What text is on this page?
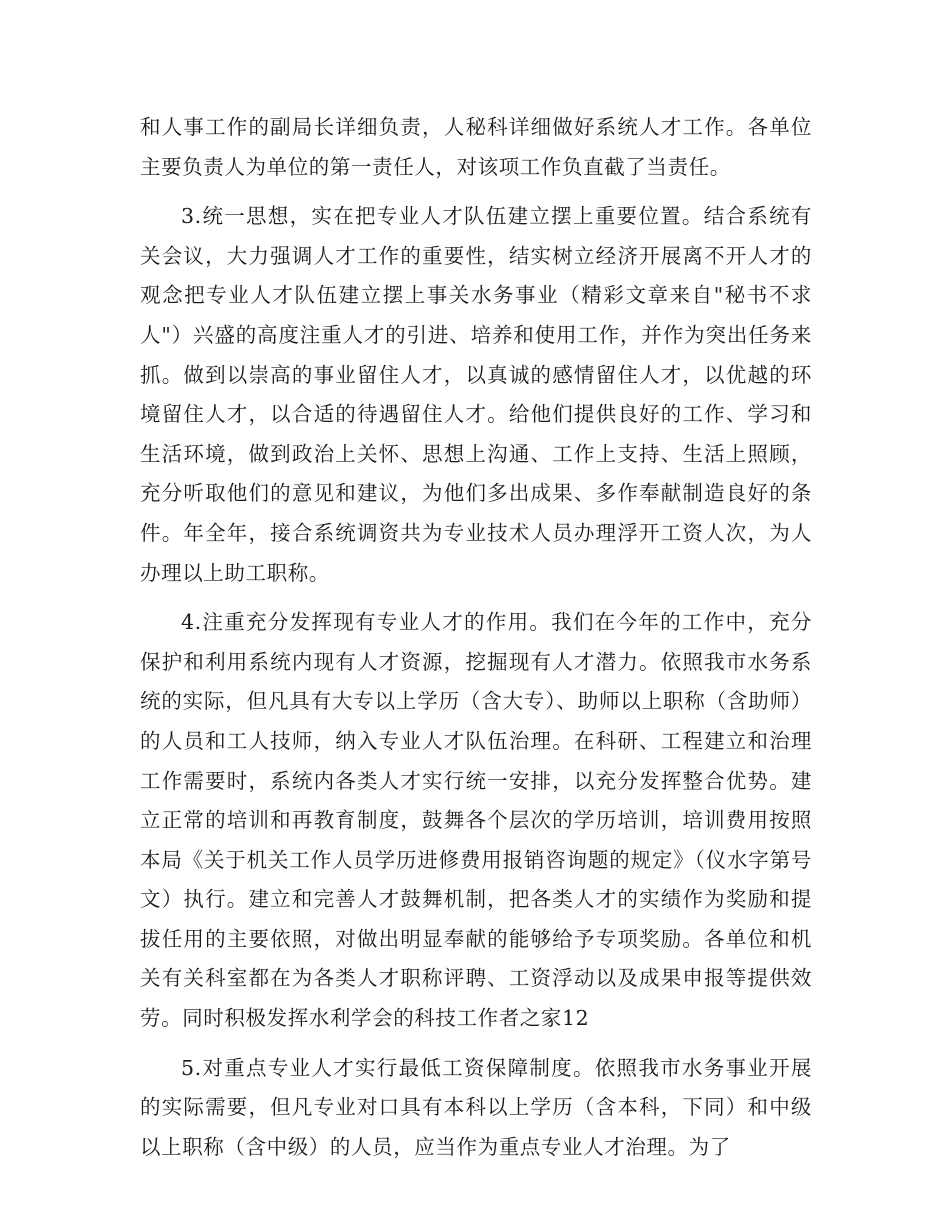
和人事工作的副局长详细负责，人秘科详细做好系统人才工作。各单位主要负责人为单位的第一责任人，对该项工作负直截了当责任。

3.统一思想，实在把专业人才队伍建立摆上重要位置。结合系统有关会议，大力强调人才工作的重要性，结实树立经济开展离不开人才的观念把专业人才队伍建立摆上事关水务事业（精彩文章来自"秘书不求人"）兴盛的高度注重人才的引进、培养和使用工作，并作为突出任务来抓。做到以崇高的事业留住人才，以真诚的感情留住人才，以优越的环境留住人才，以合适的待遇留住人才。给他们提供良好的工作、学习和生活环境，做到政治上关怀、思想上沟通、工作上支持、生活上照顾，充分听取他们的意见和建议，为他们多出成果、多作奉献制造良好的条件。年全年，接合系统调资共为专业技术人员办理浮开工资人次，为人办理以上助工职称。

4.注重充分发挥现有专业人才的作用。我们在今年的工作中，充分保护和利用系统内现有人才资源，挖掘现有人才潜力。依照我市水务系统的实际，但凡具有大专以上学历（含大专）、助师以上职称（含助师）的人员和工人技师，纳入专业人才队伍治理。在科研、工程建立和治理工作需要时，系统内各类人才实行统一安排，以充分发挥整合优势。建立正常的培训和再教育制度，鼓舞各个层次的学历培训，培训费用按照本局《关于机关工作人员学历进修费用报销咨询题的规定》（仪水字第号文）执行。建立和完善人才鼓舞机制，把各类人才的实绩作为奖励和提拔任用的主要依照，对做出明显奉献的能够给予专项奖励。各单位和机关有关科室都在为各类人才职称评聘、工资浮动以及成果申报等提供效劳。同时积极发挥水利学会的科技工作者之家12

5.对重点专业人才实行最低工资保障制度。依照我市水务事业开展的实际需要，但凡专业对口具有本科以上学历（含本科，下同）和中级以上职称（含中级）的人员，应当作为重点专业人才治理。为了
